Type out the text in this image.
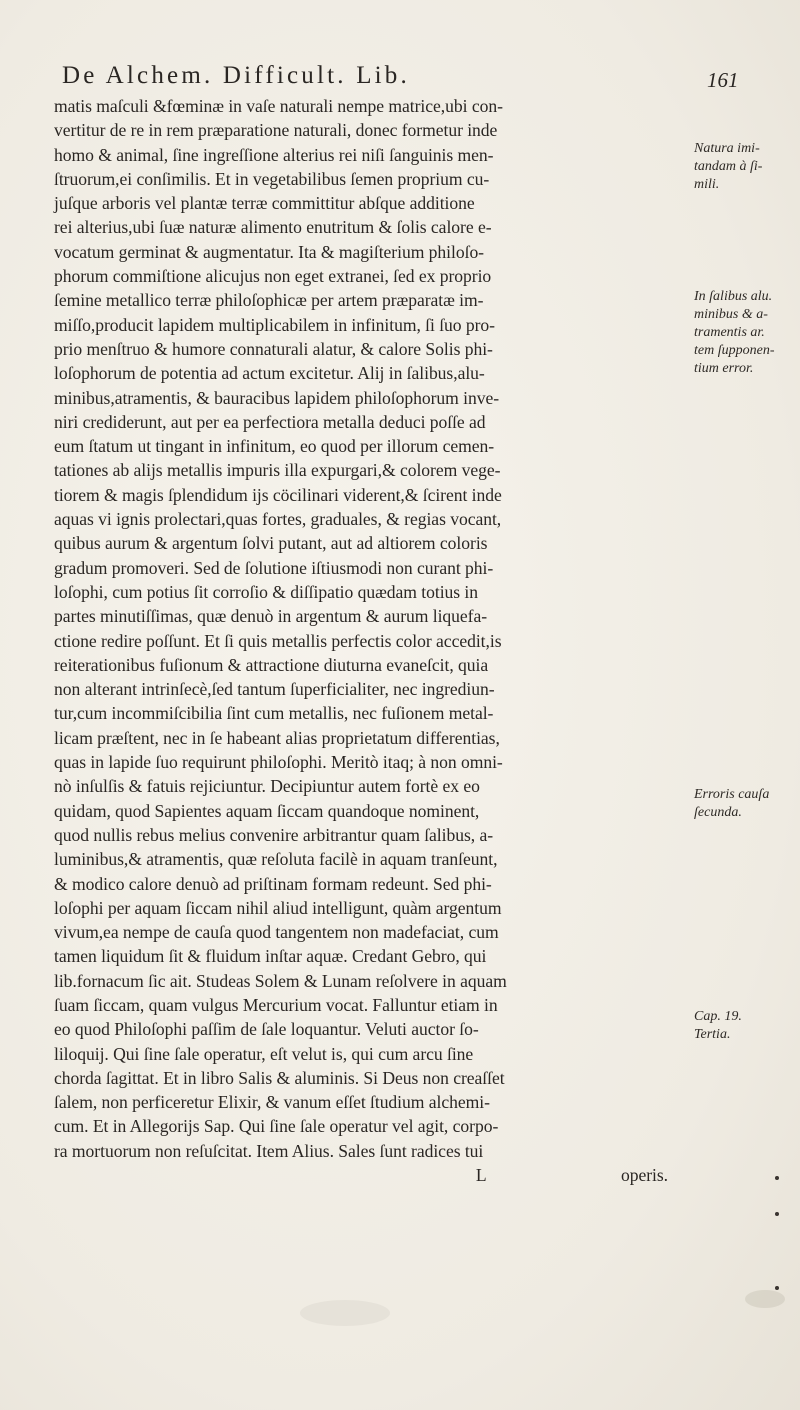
De Alchem. Difficult. Lib.	161
matis maſculi &fœminæ in vaſe naturali nempe matrice,ubi con-
vertitur de re in rem præparatione naturali, donec formetur inde
homo & animal, ſine ingreſſione alterius rei niſi ſanguinis men-
ſtruorum,ei conſimilis. Et in vegetabilibus ſemen proprium cu-
juſque arboris vel plantæ terræ committitur abſque additione
rei alterius,ubi ſuæ naturæ alimento enutritum & ſolis calore e-
vocatum germinat & augmentatur. Ita & magiſterium philoſo-
phorum commiſtione alicujus non eget extranei, ſed ex proprio
ſemine metallico terræ philoſophicæ per artem præparatæ im-
miſſo,producit lapidem multiplicabilem in infinitum, ſi ſuo pro-
prio menſtruo & humore connaturali alatur, & calore Solis phi-
loſophorum de potentia ad actum excitetur. Alij in ſalibus,alu-
minibus,atramentis, & bauracibus lapidem philoſophorum inve-
niri crediderunt, aut per ea perfectiora metalla deduci poſſe ad
eum ſtatum ut tingant in infinitum, eo quod per illorum cemen-
tationes ab alijs metallis impuris illa expurgari,& colorem vege-
tiorem & magis ſplendidum ijs cöcilinari viderent,& ſcirent inde
aquas vi ignis prolectari,quas fortes, graduales, & regias vocant,
quibus aurum & argentum ſolvi putant, aut ad altiorem coloris
gradum promoveri. Sed de ſolutione iſtiusmodi non curant phi-
loſophi, cum potius ſit corroſio & diſſipatio quædam totius in
partes minutiſſimas, quæ denuò in argentum & aurum liquefa-
ctione redire poſſunt. Et ſi quis metallis perfectis color accedit,is
reiterationibus fuſionum & attractione diuturna evaneſcit, quia
non alterant intrinſecè,ſed tantum ſuperficialiter, nec ingrediun-
tur,cum incommiſcibilia ſint cum metallis, nec fuſionem metal-
licam præſtent, nec in ſe habeant alias proprietatum differentias,
quas in lapide ſuo requirunt philoſophi. Meritò itaq; à non omni-
nò inſulſis & fatuis rejiciuntur. Decipiuntur autem fortè ex eo
quidam, quod Sapientes aquam ſiccam quandoque nominent,
quod nullis rebus melius convenire arbitrantur quam ſalibus, a-
luminibus,& atramentis, quæ reſoluta facilè in aquam tranſeunt,
& modico calore denuò ad priſtinam formam redeunt. Sed phi-
loſophi per aquam ſiccam nihil aliud intelligunt, quàm argentum
vivum,ea nempe de cauſa quod tangentem non madefaciat, cum
tamen liquidum ſit & fluidum inſtar aquæ. Credant Gebro, qui
lib.fornacum ſic ait. Studeas Solem & Lunam reſolvere in aquam
ſuam ſiccam, quam vulgus Mercurium vocat. Falluntur etiam in
eo quod Philoſophi paſſim de ſale loquantur. Veluti auctor ſo-
liloquij. Qui ſine ſale operatur, eſt velut is, qui cum arcu ſine
chorda ſagittat. Et in libro Salis & aluminis. Si Deus non creaſſet
ſalem, non perficeretur Elixir, & vanum eſſet ſtudium alchemi-
cum. Et in Allegorijs Sap. Qui ſine ſale operatur vel agit, corpo-
ra mortuorum non reſuſcitat. Item Alius. Sales ſunt radices tui
L	operis.
Natura imi-
tandam à ſi-
mili.
In ſalibus alu.
minibus & a-
tramentis ar.
tem ſupponen-
tium error.
Erroris cauſa
ſecunda.
Cap. 19.
Tertia.
